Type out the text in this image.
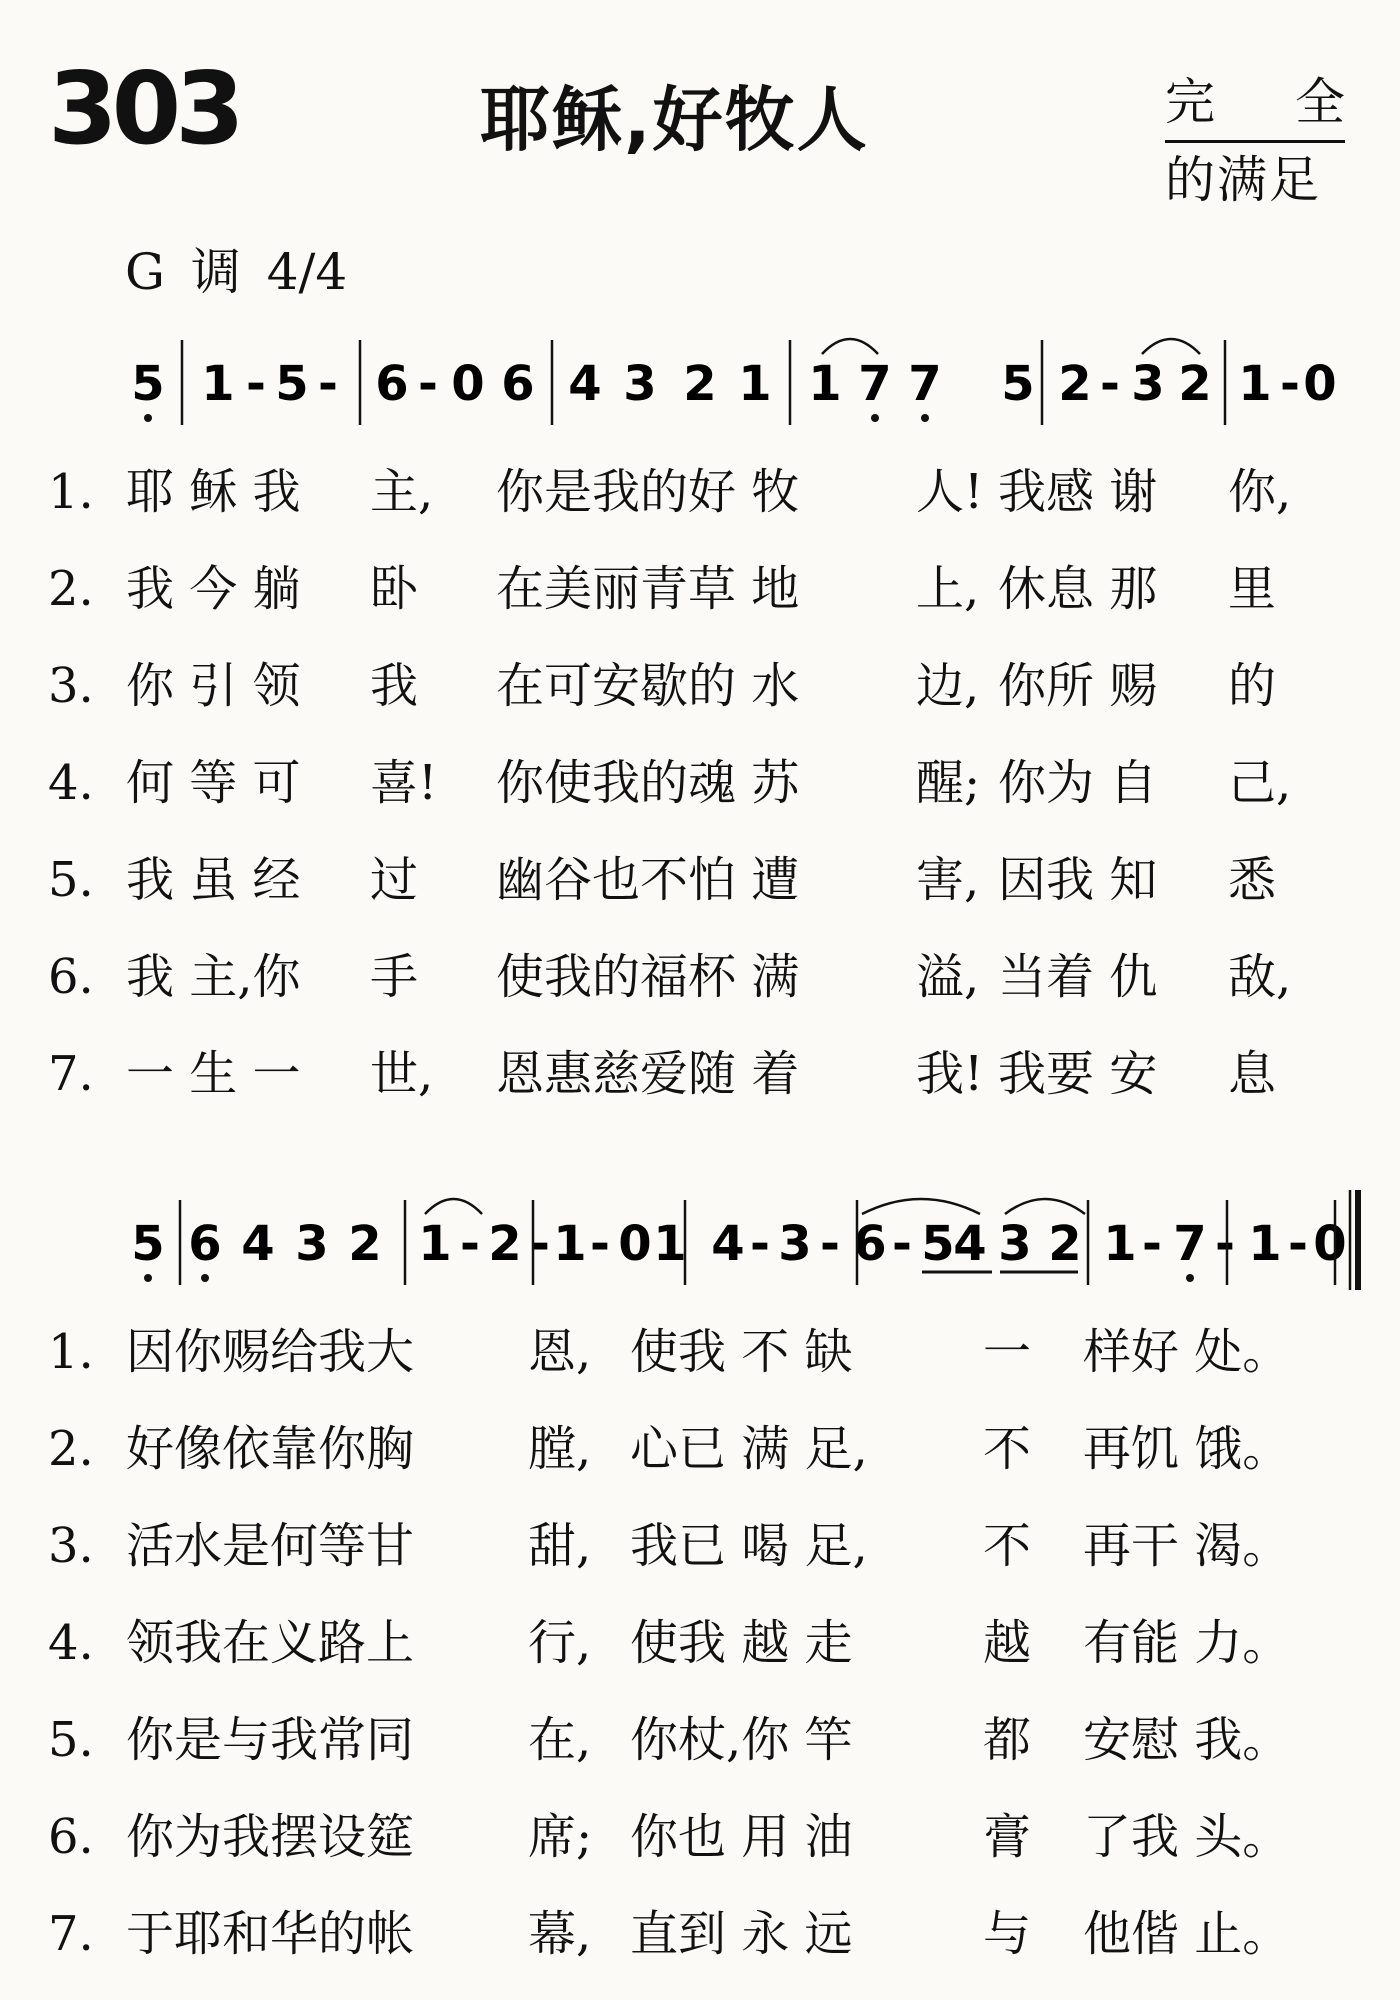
303	耶稣,好牧人	完 全
的满足
G 调 4/4
5 1 - 5 - 6 - 0 6 4 3 2 1 1 7 7 5 2 - 3 2 1 - 0
1. 耶 稣 我 主, 你是我的好 牧 人! 我感 谢 你,
2. 我 今 躺 卧 在美丽青草 地 上, 休息 那 里
3. 你 引 领 我 在可安歇的 水 边, 你所 赐 的
4. 何 等 可 喜! 你使我的魂 苏 醒; 你为 自 己,
5. 我 虽 经 过 幽谷也不怕 遭 害, 因我 知 悉
6. 我 主,你 手 使我的福杯 满 溢, 当着 仇 敌,
7. 一 生 一 世, 恩惠慈爱随 着 我! 我要 安 息
5 6 4 3 2 1 - 2 - 1 - 0 1 4 - 3 - 6 - 5
4 3 2 1 - 7 - 1 - 0
1. 因你赐给我大 恩, 使我 不 缺	一 样好 处。
2. 好像依靠你胸 膛, 心已 满 足, 不 再饥 饿。
3. 活水是何等甘 甜, 我已 喝 足, 不 再干 渴。
4. 领我在义路上 行, 使我 越 走	越 有能 力。
5. 你是与我常同 在, 你杖,你 竿	都 安慰 我。
6. 你为我摆设筵 席; 你也 用 油	膏 了我 头。
7. 于耶和华的帐 幕, 直到 永 远	与 他偕 止。
